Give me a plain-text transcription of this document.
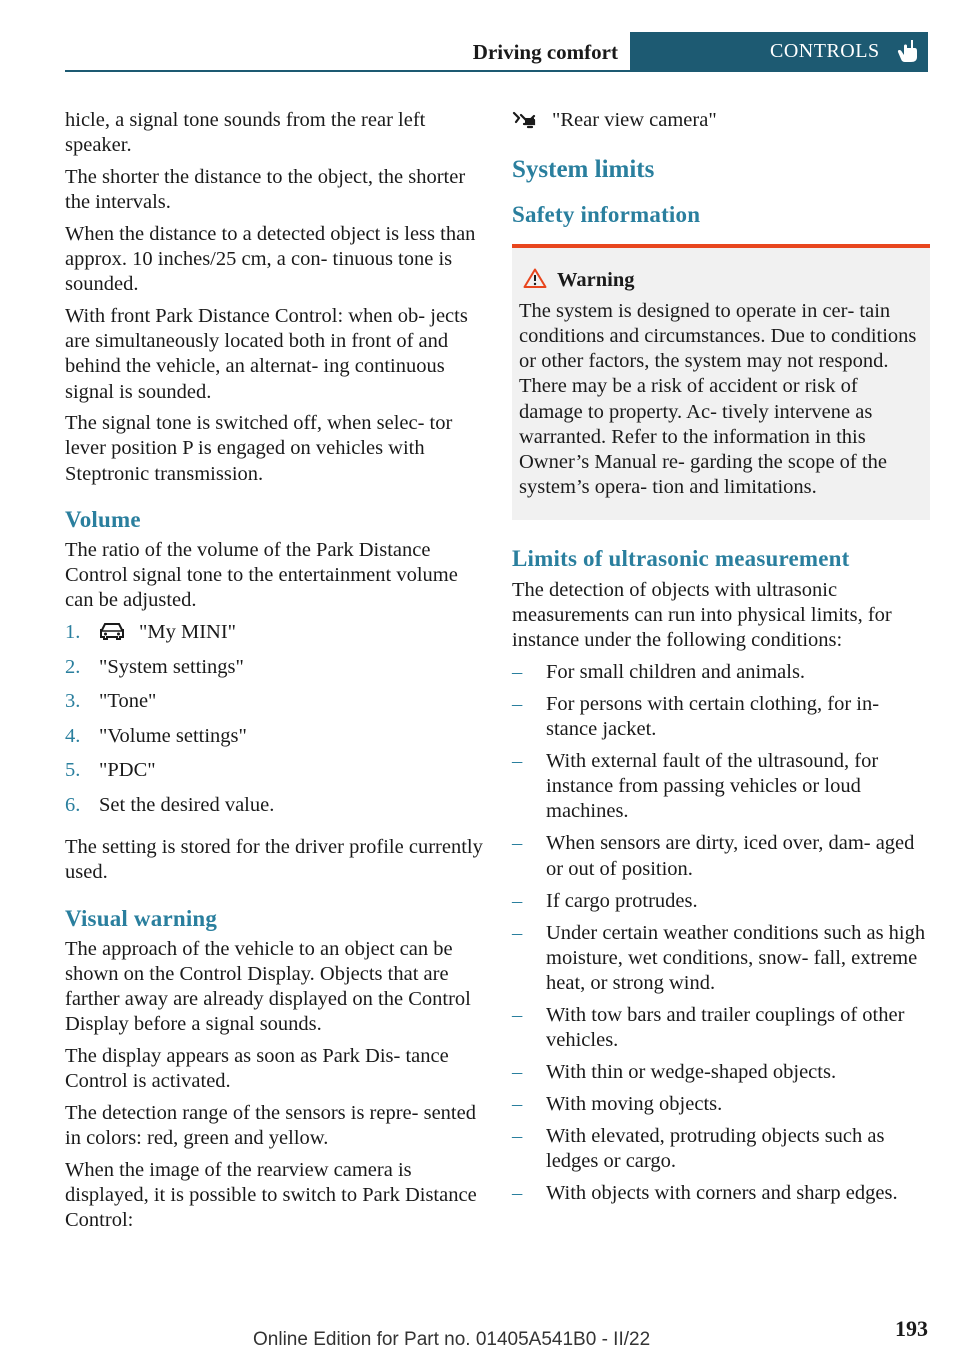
Driving comfort	CONTROLS

hicle, a signal tone sounds from the rear left speaker.

The shorter the distance to the object, the shorter the intervals.

When the distance to a detected object is less than approx. 10 inches/25 cm, a con‐ tinuous tone is sounded.

With front Park Distance Control: when ob‐ jects are simultaneously located both in front of and behind the vehicle, an alternat‐ ing continuous signal is sounded.

The signal tone is switched off, when selec‐ tor lever position P is engaged on vehicles with Steptronic transmission.

Volume

The ratio of the volume of the Park Distance Control signal tone to the entertainment volume can be adjusted.

1.	"My MINI"
2. "System settings"
3. "Tone"
4. "Volume settings"
5. "PDC"
6. Set the desired value.

The setting is stored for the driver profile currently used.

Visual warning

The approach of the vehicle to an object can be shown on the Control Display. Objects that are farther away are already displayed on the Control Display before a signal sounds.

The display appears as soon as Park Dis‐ tance Control is activated.

The detection range of the sensors is repre‐ sented in colors: red, green and yellow.

When the image of the rearview camera is displayed, it is possible to switch to Park Distance Control:

"Rear view camera"

System limits
Safety information
Warning

The system is designed to operate in cer‐ tain conditions and circumstances. Due to conditions or other factors, the system may not respond. There may be a risk of accident or risk of damage to property. Ac‐ tively intervene as warranted. Refer to the information in this Owner’s Manual re‐ garding the scope of the system’s opera‐ tion and limitations.

Limits of ultrasonic measurement

The detection of objects with ultrasonic measurements can run into physical limits, for instance under the following conditions:

– For small children and animals.
– For persons with certain clothing, for in‐ stance jacket.
– With external fault of the ultrasound, for instance from passing vehicles or loud machines.
– When sensors are dirty, iced over, dam‐ aged or out of position.
– If cargo protrudes.
– Under certain weather conditions such as high moisture, wet conditions, snow‐ fall, extreme heat, or strong wind.
– With tow bars and trailer couplings of other vehicles.
– With thin or wedge-shaped objects.
– With moving objects.
– With elevated, protruding objects such as ledges or cargo.
– With objects with corners and sharp edges.
Online Edition for Part no. 01405A541B0 - II/22	193
